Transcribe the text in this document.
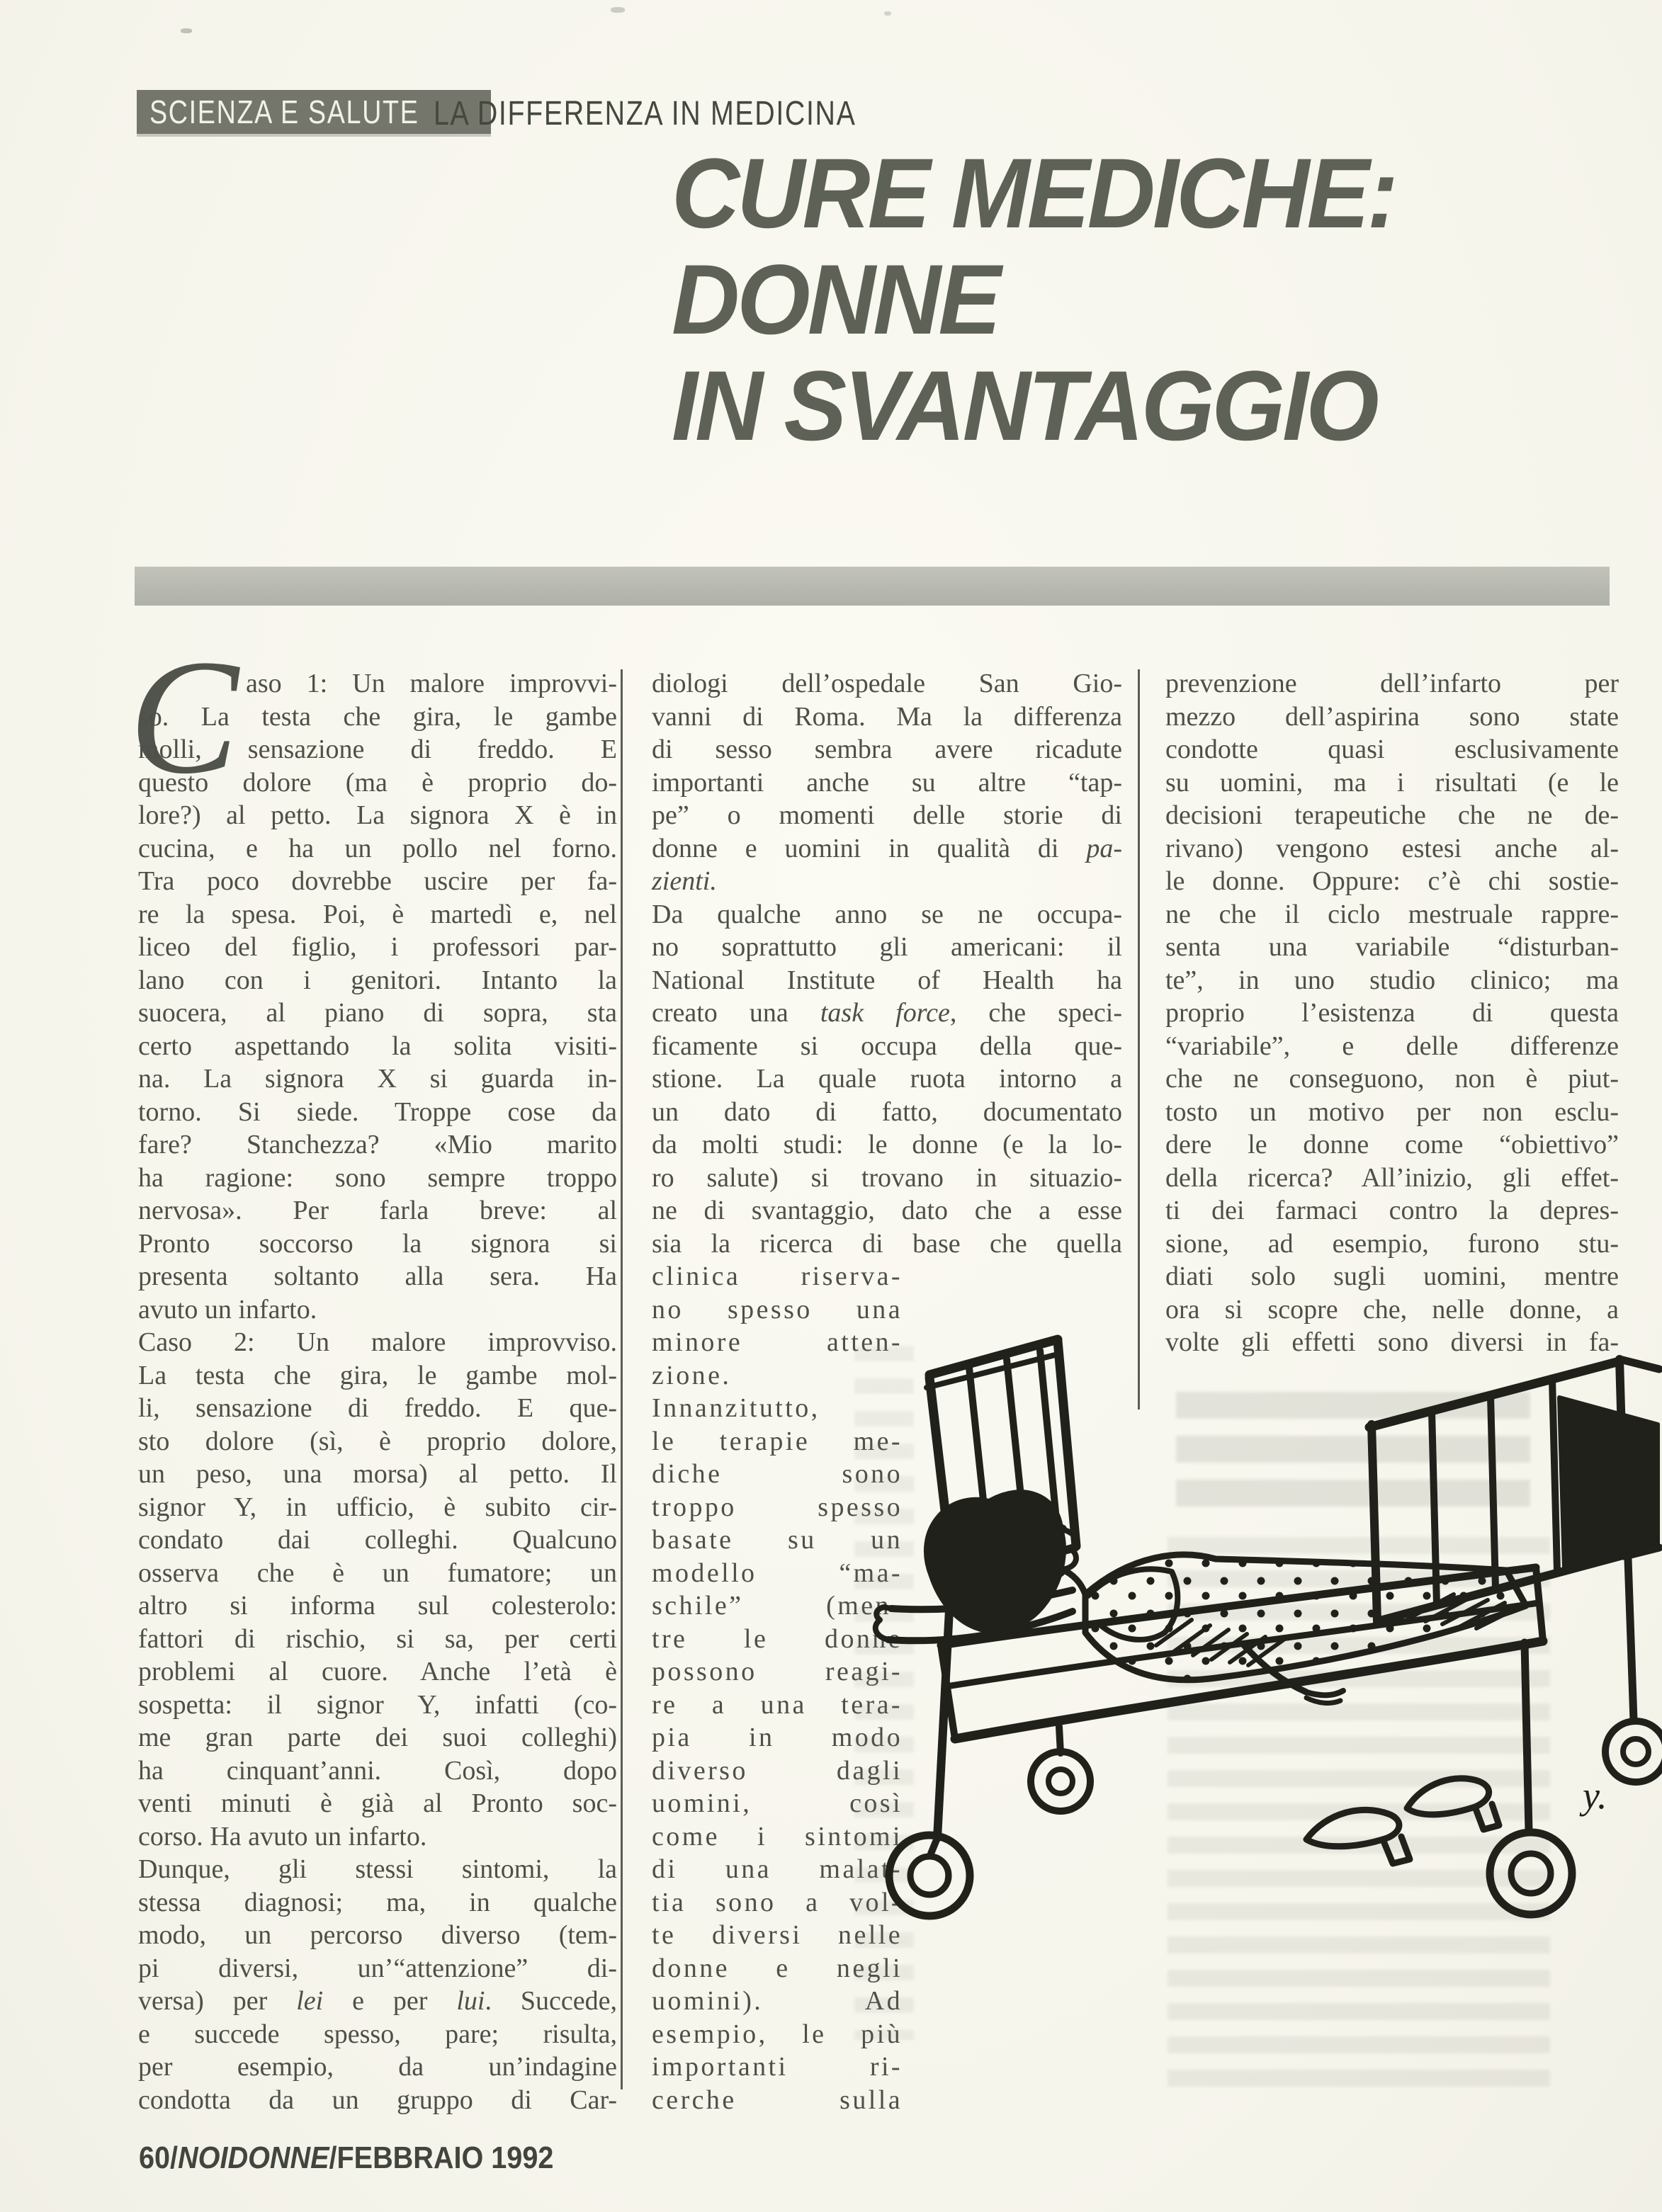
SCIENZA E SALUTE LA DIFFERENZA IN MEDICINA
CURE MEDICHE:
DONNE
IN SVANTAGGIO
C aso 1: Un malore improvvi-
so. La testa che gira, le gambe
molli, sensazione di freddo. E
questo dolore (ma è proprio do-
lore?) al petto. La signora X è in
cucina, e ha un pollo nel forno.
Tra poco dovrebbe uscire per fa-
re la spesa. Poi, è martedì e, nel
liceo del figlio, i professori par-
lano con i genitori. Intanto la
suocera, al piano di sopra, sta
certo aspettando la solita visiti-
na. La signora X si guarda in-
torno. Si siede. Troppe cose da
fare? Stanchezza? «Mio marito
ha ragione: sono sempre troppo
nervosa». Per farla breve: al
Pronto soccorso la signora si
presenta soltanto alla sera. Ha
avuto un infarto.
Caso 2: Un malore improvviso.
La testa che gira, le gambe mol-
li, sensazione di freddo. E que-
sto dolore (sì, è proprio dolore,
un peso, una morsa) al petto. Il
signor Y, in ufficio, è subito cir-
condato dai colleghi. Qualcuno
osserva che è un fumatore; un
altro si informa sul colesterolo:
fattori di rischio, si sa, per certi
problemi al cuore. Anche l’età è
sospetta: il signor Y, infatti (co-
me gran parte dei suoi colleghi)
ha cinquant’anni. Così, dopo
venti minuti è già al Pronto soc-
corso. Ha avuto un infarto.
Dunque, gli stessi sintomi, la
stessa diagnosi; ma, in qualche
modo, un percorso diverso (tem-
pi diversi, un’“attenzione” di-
versa) per lei e per lui. Succede,
e succede spesso, pare; risulta,
per esempio, da un’indagine
condotta da un gruppo di Car-
diologi dell’ospedale San Gio-
vanni di Roma. Ma la differenza
di sesso sembra avere ricadute
importanti anche su altre “tap-
pe” o momenti delle storie di
donne e uomini in qualità di pa-
zienti.
Da qualche anno se ne occupa-
no soprattutto gli americani: il
National Institute of Health ha
creato una task force, che speci-
ficamente si occupa della que-
stione. La quale ruota intorno a
un dato di fatto, documentato
da molti studi: le donne (e la lo-
ro salute) si trovano in situazio-
ne di svantaggio, dato che a esse
sia la ricerca di base che quella
clinica riserva-
no spesso una
minore atten-
zione.
Innanzitutto,
le terapie me-
diche sono
troppo spesso
basate su un
modello “ma-
schile” (men-
tre le donne
possono reagi-
re a una tera-
pia in modo
diverso dagli
uomini, così
come i sintomi
di una malat-
tia sono a vol-
te diversi nelle
donne e negli
uomini). Ad
esempio, le più
importanti ri-
cerche sulla
prevenzione dell’infarto per
mezzo dell’aspirina sono state
condotte quasi esclusivamente
su uomini, ma i risultati (e le
decisioni terapeutiche che ne de-
rivano) vengono estesi anche al-
le donne. Oppure: c’è chi sostie-
ne che il ciclo mestruale rappre-
senta una variabile “disturban-
te”, in uno studio clinico; ma
proprio l’esistenza di questa
“variabile”, e delle differenze
che ne conseguono, non è piut-
tosto un motivo per non esclu-
dere le donne come “obiettivo”
della ricerca? All’inizio, gli effet-
ti dei farmaci contro la depres-
sione, ad esempio, furono stu-
diati solo sugli uomini, mentre
ora si scopre che, nelle donne, a
volte gli effetti sono diversi in fa-
y.
60/NOIDONNE/FEBBRAIO 1992
